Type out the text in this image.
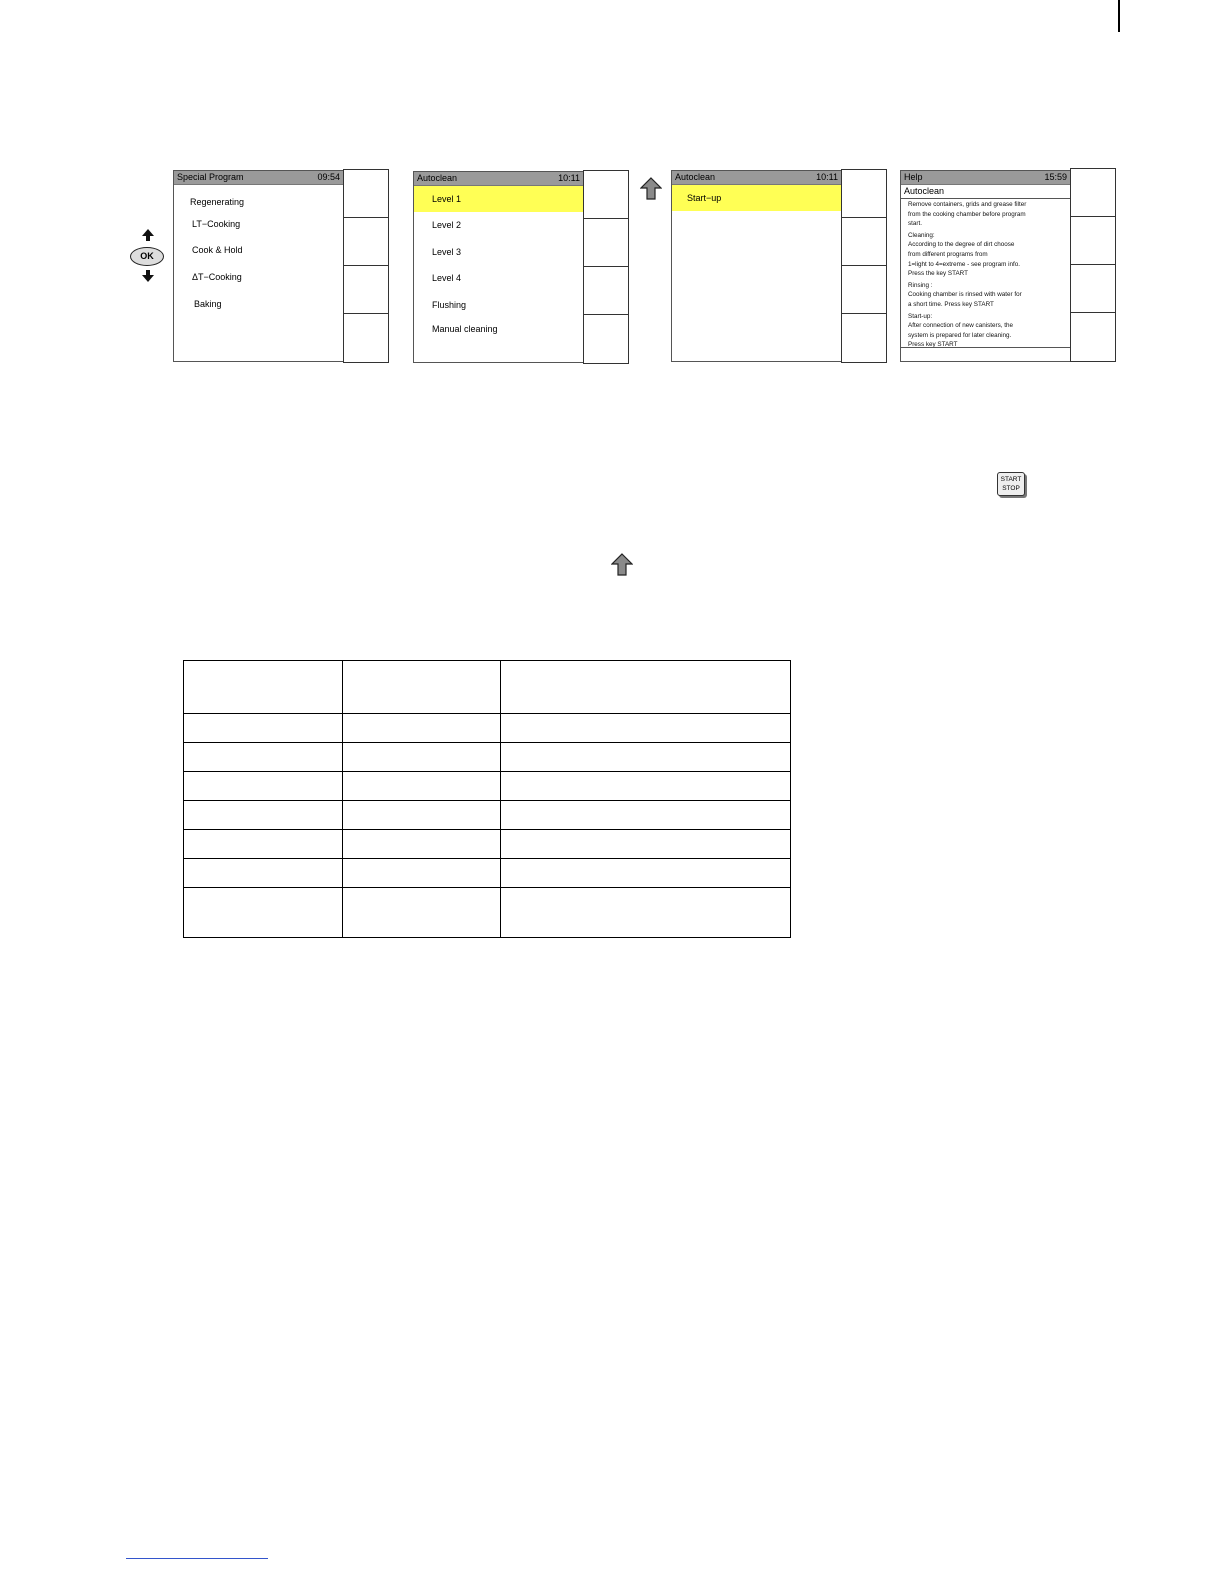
OK
Special Program	09:54
Regenerating
LT−Cooking
Cook & Hold
ΔT−Cooking
Baking
Autoclean	10:11
Level 1
Level 2
Level 3
Level 4
Flushing
Manual cleaning
Autoclean	10:11
Start−up
Help	15:59
Autoclean
Remove containers, grids and grease filter
from the cooking chamber before program
start.
Cleaning:
According to the degree of dirt choose
from different programs from
1=light to 4=extreme - see program info.
Press the key START
Rinsing :
Cooking chamber is rinsed with water for
a short time. Press key START
Start-up:
After connection of new canisters, the
system is prepared for later cleaning.
Press key START
START
STOP
